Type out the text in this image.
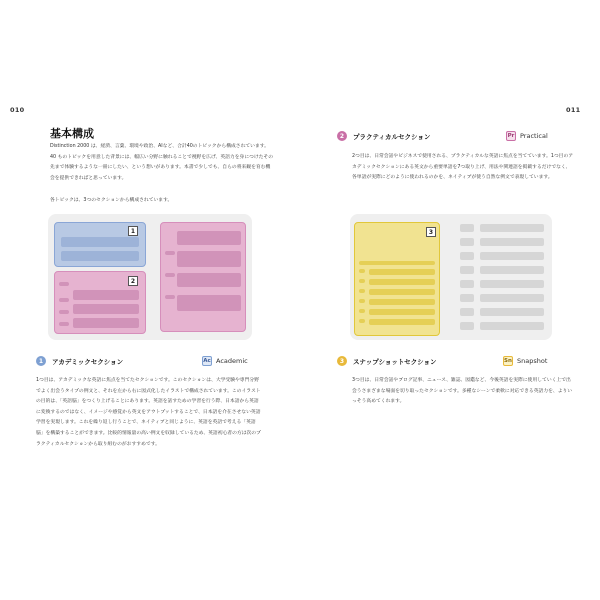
010	011
基本構成

Distinction 2000 は、経済、言葉、環境や政治、AIなど、合計40のトピックから構成されています。40 ものトピックを用意した背景には、幅広い分野に触れることで視野を広げ、英語力を身につけたその先まで体験するような一冊にしたい、という想いがあります。本書で少しでも、自らの将来観を育む機会を提供できればと思っています。

各トピックは、3つのセクションから構成されています。

1
2
1	アカデミックセクション	Ac Academic

1つ目は、アカデミックな英語に焦点を当てたセクションです。このセクションは、大学受験や専門分野でよく出会うタイプの例文と、それを左から右に図式化したイラストで構成されています。このイラストの目的は、「英語脳」をつくり上げることにあります。英語を話すための学習を行う際、日本語から英語に変換するのではなく、イメージや感覚から英文をアウトプットすることで、日本語を介在させない英語学習を実現します。これを繰り返し行うことで、ネイティブと同じように、英語を英語で考える「英語脳」を構築することができます。比較的情報量の高い例文を収録しているため、英語初心者の方は次のプラクティカルセクションから取り組むのがおすすめです。

2	プラクティカルセクション	Pr Practical

2つ目は、日常会話やビジネスで使用される、プラクティカルな英語に焦点を当てています。1つ目のアカデミックセクションにある英文から重要単語を7つ取り上げ、用法や関連語を掲載するだけでなく、各単語が実際にどのように使われるのかを、ネイティブが使う自然な例文で表現しています。

3
3	スナップショットセクション	Sn Snapshot

3つ目は、日常会話やブログ記事、ニュース、雑誌、図鑑など、今後英語を実際に使用していく上で出会うさまざまな場面を切り取ったセクションです。多種なシーンで柔軟に対応できる英語力を、よりいっそう高めてくれます。
